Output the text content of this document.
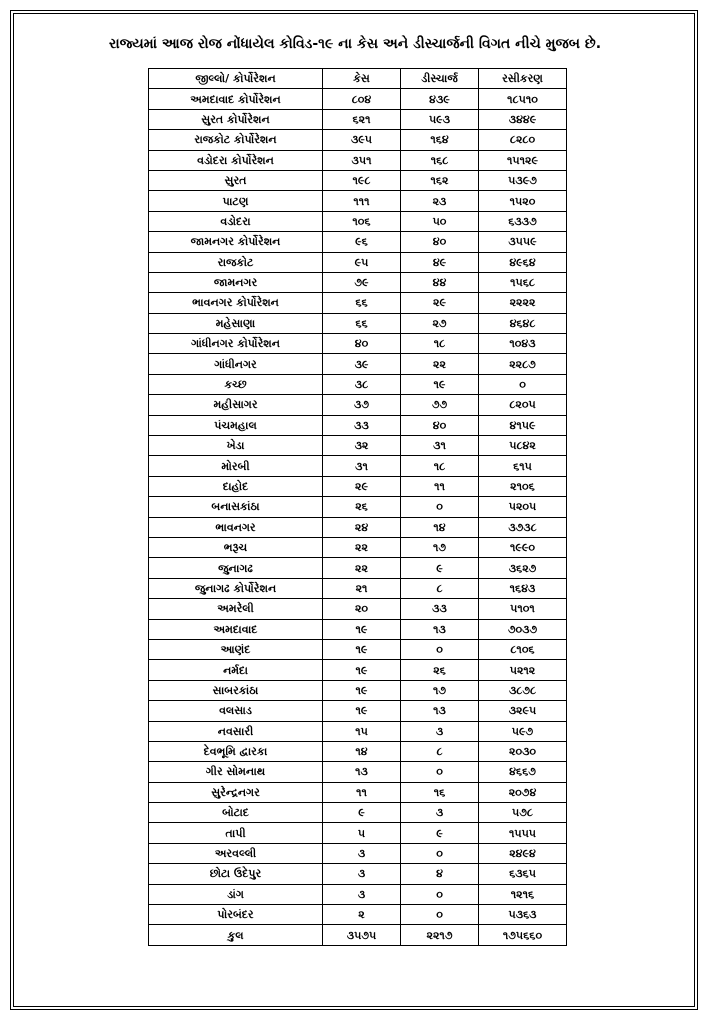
રાજ્યમાં આજ રોજ નોંધાયેલ કોવિડ-૧૯ ના કેસ અને ડીસ્ચાર્જની વિગત નીચે મુજબ છે.
જીલ્લો/ કોર્પોરેશન	કેસ	ડીસ્ચાર્જ	રસીકરણ
અમદાવાદ કોર્પોરેશન	૮૦૪	૪૩૯	૧૮૫૧૦
સુરત કોર્પોરેશન	૬૨૧	૫૯૩	૩૪૪૯
રાજકોટ કોર્પોરેશન	૩૯૫	૧૬૪	૮૨૮૦
વડોદરા કોર્પોરેશન	૩૫૧	૧૬૮	૧૫૧૨૯
સુરત	૧૯૮	૧૬૨	૫૩૯૭
પાટણ	૧૧૧	૨૩	૧૫૨૦
વડોદરા	૧૦૬	૫૦	૬૩૩૭
જામનગર કોર્પોરેશન	૯૬	૪૦	૩૫૫૯
રાજકોટ	૯૫	૪૯	૪૯૬૪
જામનગર	૭૯	૪૪	૧૫૬૮
ભાવનગર કોર્પોરેશન	૬૬	૨૯	૨૨૨૨
મહેસાણા	૬૬	૨૭	૪૬૪૮
ગાંધીનગર કોર્પોરેશન	૪૦	૧૮	૧૦૪૩
ગાંધીનગર	૩૯	૨૨	૨૨૮૭
કચ્છ	૩૮	૧૯	૦
મહીસાગર	૩૭	૭૭	૮૨૦૫
પંચમહાલ	૩૩	૪૦	૪૧૫૯
ખેડા	૩૨	૩૧	૫૮૪૨
મોરબી	૩૧	૧૮	૬૧૫
દાહોદ	૨૯	૧૧	૨૧૦૬
બનાસકાંઠા	૨૬	૦	૫૨૦૫
ભાવનગર	૨૪	૧૪	૩૭૩૮
ભરૂચ	૨૨	૧૭	૧૯૯૦
જુનાગઢ	૨૨	૯	૩૬૨૭
જુનાગઢ કોર્પોરેશન	૨૧	૮	૧૬૪૩
અમરેલી	૨૦	૩૩	૫૧૦૧
અમદાવાદ	૧૯	૧૩	૭૦૩૭
આણંદ	૧૯	૦	૮૧૦૬
નર્મદા	૧૯	૨૬	૫૨૧૨
સાબરકાંઠા	૧૯	૧૭	૩૮૭૮
વલસાડ	૧૯	૧૩	૩૨૯૫
નવસારી	૧૫	૩	૫૯૭
દેવભૂમિ દ્વારકા	૧૪	૮	૨૦૩૦
ગીર સોમનાથ	૧૩	૦	૪૬૬૭
સુરેન્દ્રનગર	૧૧	૧૬	૨૦૭૪
બોટાદ	૯	૩	૫૭૮
તાપી	૫	૯	૧૫૫૫
અરવલ્લી	૩	૦	૨૪૯૪
છોટા ઉદેપુર	૩	૪	૬૩૬૫
ડાંગ	૩	૦	૧૨૧૬
પોરબંદર	૨	૦	૫૩૬૩
કુલ	૩૫૭૫	૨૨૧૭	૧૭૫૬૬૦
